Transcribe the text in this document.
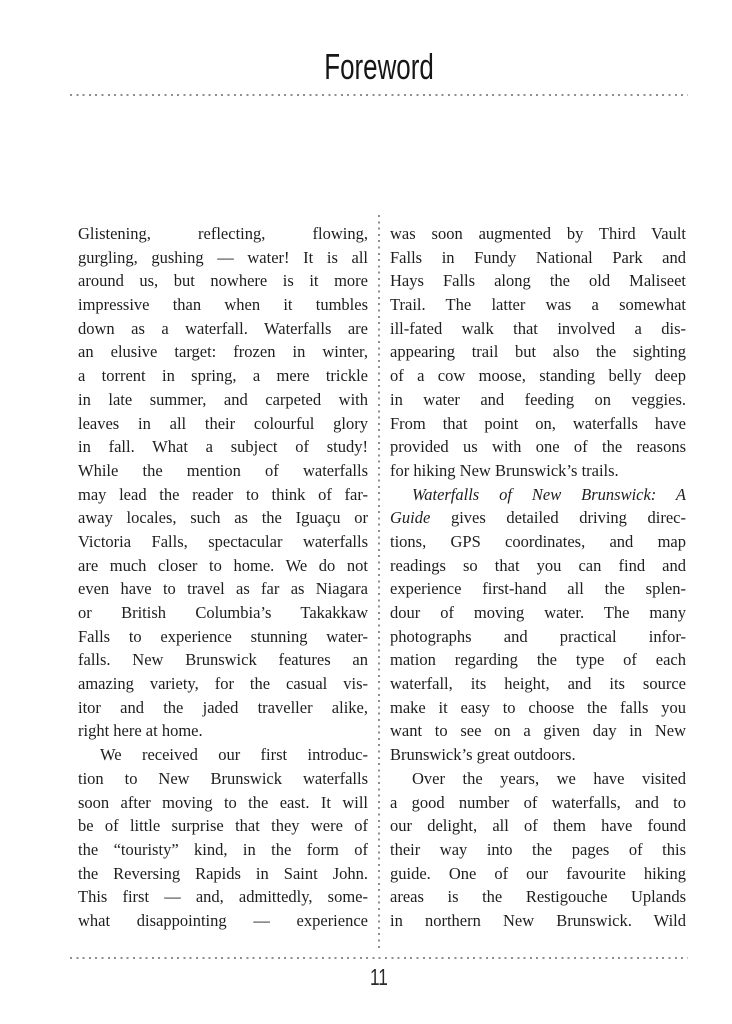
Foreword
Glistening, reflecting, flowing,
gurgling, gushing — water! It is all
around us, but nowhere is it more
impressive than when it tumbles
down as a waterfall. Waterfalls are
an elusive target: frozen in winter,
a torrent in spring, a mere trickle
in late summer, and carpeted with
leaves in all their colourful glory
in fall. What a subject of study!
While the mention of waterfalls
may lead the reader to think of far-
away locales, such as the Iguaçu or
Victoria Falls, spectacular waterfalls
are much closer to home. We do not
even have to travel as far as Niagara
or British Columbia’s Takakkaw
Falls to experience stunning water-
falls. New Brunswick features an
amazing variety, for the casual vis-
itor and the jaded traveller alike,
right here at home.
We received our first introduc-
tion to New Brunswick waterfalls
soon after moving to the east. It will
be of little surprise that they were of
the “touristy” kind, in the form of
the Reversing Rapids in Saint John.
This first — and, admittedly, some-
what disappointing — experience
was soon augmented by Third Vault
Falls in Fundy National Park and
Hays Falls along the old Maliseet
Trail. The latter was a somewhat
ill-fated walk that involved a dis-
appearing trail but also the sighting
of a cow moose, standing belly deep
in water and feeding on veggies.
From that point on, waterfalls have
provided us with one of the reasons
for hiking New Brunswick’s trails.
Waterfalls of New Brunswick: A
Guide gives detailed driving direc-
tions, GPS coordinates, and map
readings so that you can find and
experience first-hand all the splen-
dour of moving water. The many
photographs and practical infor-
mation regarding the type of each
waterfall, its height, and its source
make it easy to choose the falls you
want to see on a given day in New
Brunswick’s great outdoors.
Over the years, we have visited
a good number of waterfalls, and to
our delight, all of them have found
their way into the pages of this
guide. One of our favourite hiking
areas is the Restigouche Uplands
in northern New Brunswick. Wild
11
